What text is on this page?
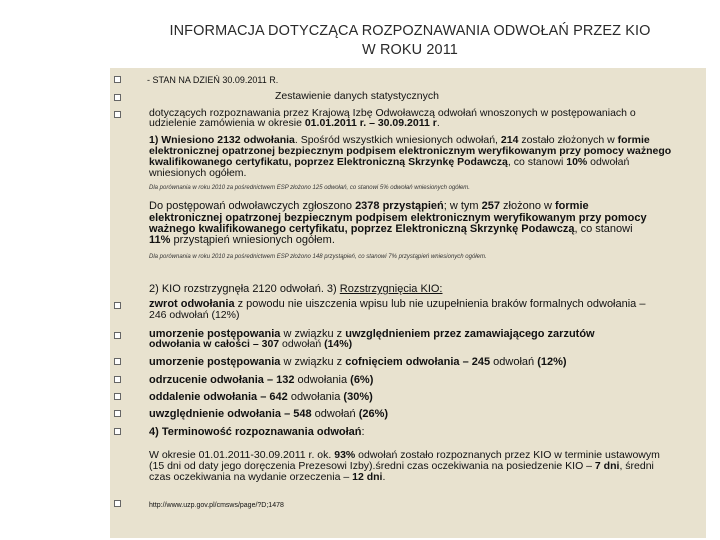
INFORMACJA DOTYCZĄCA ROZPOZNAWANIA ODWOŁAŃ PRZEZ KIO
W ROKU 2011
- STAN NA DZIEŃ 30.09.2011 R.
Zestawienie danych statystycznych
dotyczących rozpoznawania przez Krajową Izbę Odwoławczą odwołań wnoszonych w postępowaniach o
udzielenie zamówienia w okresie 01.01.2011 r. – 30.09.2011 r.
1) Wniesiono 2132 odwołania. Spośród wszystkich wniesionych odwołań, 214 zostało złożonych w formie
elektronicznej opatrzonej bezpiecznym podpisem elektronicznym weryfikowanym przy pomocy ważnego
kwalifikowanego certyfikatu, poprzez Elektroniczną Skrzynkę Podawczą, co stanowi 10% odwołań
wniesionych ogółem.
Dla porównania w roku 2010 za pośrednictwem ESP złożono 125 odwołań, co stanowi 5% odwołań wniesionych ogółem.
Do postępowań odwoławczych zgłoszono 2378 przystąpień; w tym 257 złożono w formie
elektronicznej opatrzonej bezpiecznym podpisem elektronicznym weryfikowanym przy pomocy
ważnego kwalifikowanego certyfikatu, poprzez Elektroniczną Skrzynkę Podawczą, co stanowi
11% przystąpień wniesionych ogółem.
Dla porównania w roku 2010 za pośrednictwem ESP złożono 148 przystąpień, co stanowi 7% przystąpień wniesionych ogółem.
2) KIO rozstrzygnęła 2120 odwołań. 3) Rozstrzygnięcia KIO:
zwrot odwołania z powodu nie uiszczenia wpisu lub nie uzupełnienia braków formalnych odwołania –
246 odwołań (12%)
umorzenie postępowania w związku z uwzględnieniem przez zamawiającego zarzutów
odwołania w całości – 307 odwołań (14%)
umorzenie postępowania w związku z cofnięciem odwołania – 245 odwołań (12%)
odrzucenie odwołania – 132 odwołania (6%)
oddalenie odwołania – 642 odwołania (30%)
uwzględnienie odwołania – 548 odwołań (26%)
4) Terminowość rozpoznawania odwołań:
W okresie 01.01.2011-30.09.2011 r. ok. 93% odwołań zostało rozpoznanych przez KIO w terminie ustawowym
(15 dni od daty jego doręczenia Prezesowi Izby).średni czas oczekiwania na posiedzenie KIO – 7 dni, średni
czas oczekiwania na wydanie orzeczenia – 12 dni.
http://www.uzp.gov.pl/cmsws/page/?D;1478
